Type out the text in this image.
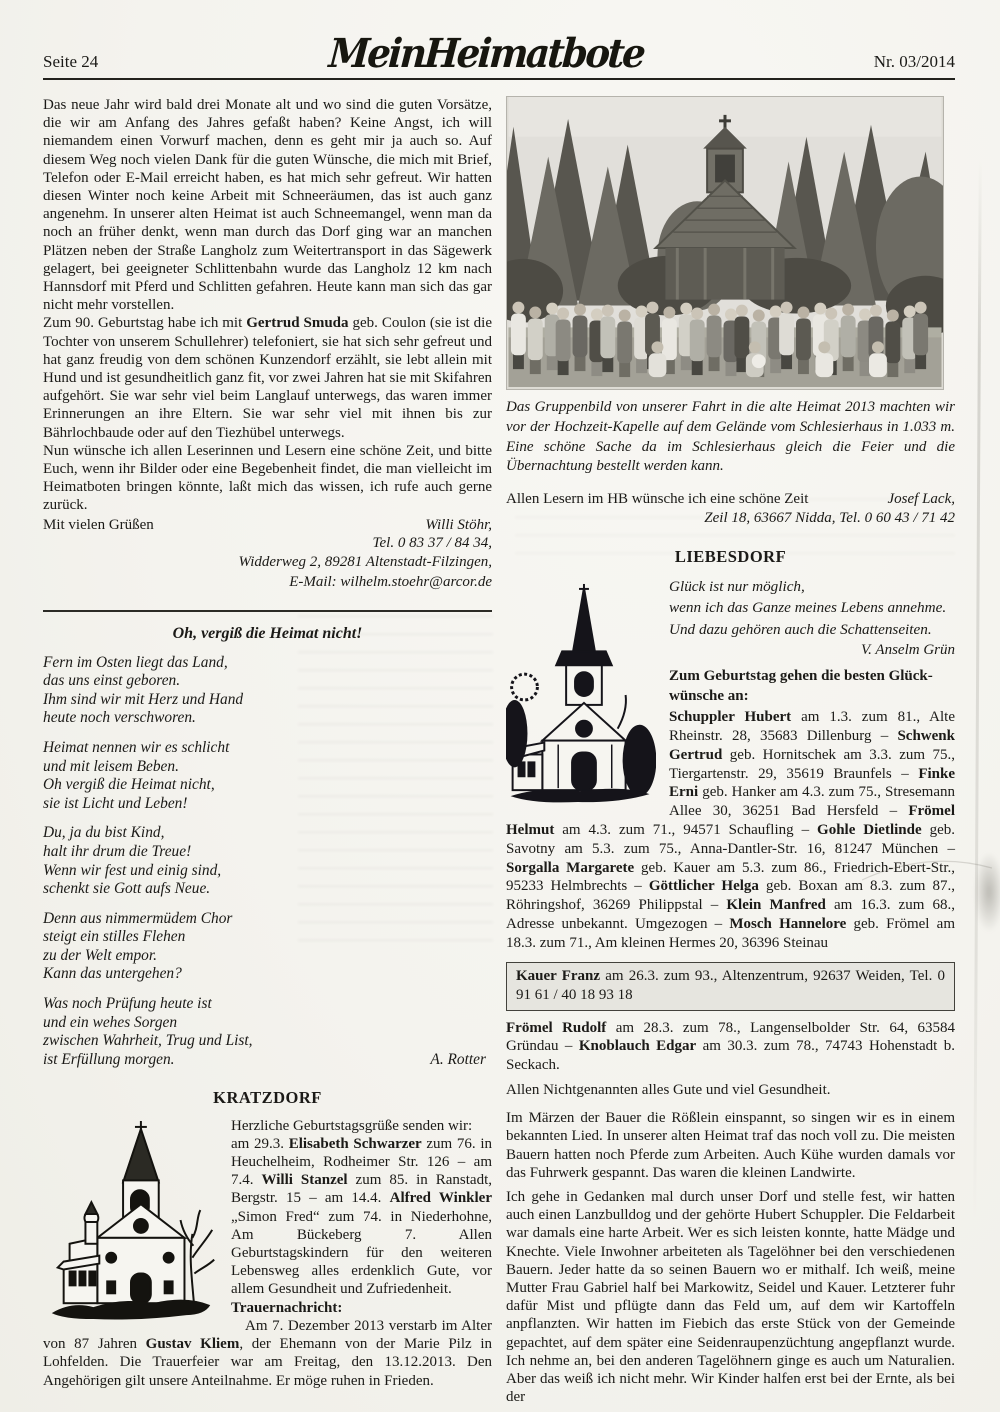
Seite 24	MeinHeimatbote	Nr. 03/2014

Das neue Jahr wird bald drei Monate alt und wo sind die guten Vorsätze, die wir am Anfang des Jahres gefaßt haben? Keine Angst, ich will niemandem einen Vorwurf machen, denn es geht mir ja auch so. Auf diesem Weg noch vielen Dank für die guten Wünsche, die mich mit Brief, Telefon oder E-Mail erreicht haben, es hat mich sehr gefreut. Wir hatten diesen Winter noch keine Arbeit mit Schneeräumen, das ist auch ganz angenehm. In unserer alten Heimat ist auch Schneemangel, wenn man da noch an früher denkt, wenn man durch das Dorf ging war an manchen Plätzen neben der Straße Langholz zum Weitertransport in das Sägewerk gelagert, bei geeigneter Schlittenbahn wurde das Langholz 12 km nach Hannsdorf mit Pferd und Schlitten gefahren. Heute kann man sich das gar nicht mehr vorstellen.

Zum 90. Geburtstag habe ich mit Gertrud Smuda geb. Coulon (sie ist die Tochter von unserem Schullehrer) telefoniert, sie hat sich sehr gefreut und hat ganz freudig von dem schönen Kunzendorf erzählt, sie lebt allein mit Hund und ist gesundheitlich ganz fit, vor zwei Jahren hat sie mit Skifahren aufgehört. Sie war sehr viel beim Langlauf unterwegs, das waren immer Erinnerungen an ihre Eltern. Sie war sehr viel mit ihnen bis zur Bährlochbaude oder auf den Tiezhübel unterwegs.

Nun wünsche ich allen Leserinnen und Lesern eine schöne Zeit, und bitte Euch, wenn ihr Bilder oder eine Begebenheit findet, die man vielleicht im Heimatboten bringen könnte, laßt mich das wissen, ich rufe auch gerne zurück.

Mit vielen Grüßen	Willi Stöhr,
Tel. 0 83 37 / 84 34,
Widderweg 2, 89281 Altenstadt-Filzingen,
E-Mail: wilhelm.stoehr@arcor.de
Oh, vergiß die Heimat nicht!

Fern im Osten liegt das Land,
das uns einst geboren.
Ihm sind wir mit Herz und Hand
heute noch verschworen.

Heimat nennen wir es schlicht
und mit leisem Beben.
Oh vergiß die Heimat nicht,
sie ist Licht und Leben!

Du, ja du bist Kind,
halt ihr drum die Treue!
Wenn wir fest und einig sind,
schenkt sie Gott aufs Neue.

Denn aus nimmermüdem Chor
steigt ein stilles Flehen
zu der Welt empor.
Kann das untergehen?

Was noch Prüfung heute ist
und ein wehes Sorgen
zwischen Wahrheit, Trug und List,
ist Erfüllung morgen.	A. Rotter
KRATZDORF
Herzliche Geburtstagsgrüße senden wir:
am 29.3. Elisabeth Schwarzer zum 76. in Heuchelheim, Rodheimer Str. 126 – am 7.4. Willi Stanzel zum 85. in Ranstadt, Bergstr. 15 – am 14.4. Alfred Winkler „Simon Fred“ zum 74. in Niederhohne, Am Bückeberg 7. Allen Geburtstagskindern für den weiteren Lebensweg alles erdenklich Gute, vor allem Gesundheit und Zufriedenheit.

Trauernachricht:

Am 7. Dezember 2013 verstarb im Alter von 87 Jahren Gustav Kliem, der Ehemann von der Marie Pilz in Lohfelden. Die Trauerfeier war am Freitag, den 13.12.2013. Den Angehörigen gilt unsere Anteilnahme. Er möge ruhen in Frieden.

Das Gruppenbild von unserer Fahrt in die alte Heimat 2013 machten wir vor der Hochzeit-Kapelle auf dem Gelände vom Schlesierhaus in 1.033 m. Eine schöne Sache da im Schlesierhaus gleich die Feier und die Übernachtung bestellt werden kann.

Allen Lesern im HB wünsche ich eine schöne Zeit	Josef Lack,
Zeil 18, 63667 Nidda, Tel. 0 60 43 / 71 42
LIEBESDORF
Glück ist nur möglich,
wenn ich das Ganze meines Lebens annehme.
Und dazu gehören auch die Schattenseiten.
V. Anselm Grün
Zum Geburtstag gehen die besten Glückwünsche an:
Schuppler Hubert am 1.3. zum 81., Alte Rheinstr. 28, 35683 Dillenburg – Schwenk Gertrud geb. Hornitschek am 3.3. zum 75., Tiergartenstr. 29, 35619 Braunfels – Finke Erni geb. Hanker am 4.3. zum 75., Stresemann Allee 30, 36251 Bad Hersfeld – Frömel Helmut am 4.3. zum 71., 94571 Schaufling – Gohle Dietlinde geb. Savotny am 5.3. zum 75., Anna-Dantler-Str. 16, 81247 München – Sorgalla Margarete geb. Kauer am 5.3. zum 86., Friedrich-Ebert-Str., 95233 Helmbrechts – Göttlicher Helga geb. Boxan am 8.3. zum 87., Röhringshof, 36269 Philippstal – Klein Manfred am 16.3. zum 68., Adresse unbekannt. Umgezogen – Mosch Hannelore geb. Frömel am 18.3. zum 71., Am kleinen Hermes 20, 36396 Steinau
Kauer Franz am 26.3. zum 93., Altenzentrum, 92637 Weiden, Tel. 0 91 61 / 40 18 93 18

Frömel Rudolf am 28.3. zum 78., Langenselbolder Str. 64, 63584 Gründau – Knoblauch Edgar am 30.3. zum 78., 74743 Hohenstadt b. Seckach.

Allen Nichtgenannten alles Gute und viel Gesundheit.

Im Märzen der Bauer die Rößlein einspannt, so singen wir es in einem bekannten Lied. In unserer alten Heimat traf das noch voll zu. Die meisten Bauern hatten noch Pferde zum Arbeiten. Auch Kühe wurden damals vor das Fuhrwerk gespannt. Das waren die kleinen Landwirte.

Ich gehe in Gedanken mal durch unser Dorf und stelle fest, wir hatten auch einen Lanzbulldog und der gehörte Hubert Schuppler. Die Feldarbeit war damals eine harte Arbeit. Wer es sich leisten konnte, hatte Mädge und Knechte. Viele Inwohner arbeiteten als Tagelöhner bei den verschiedenen Bauern. Jeder hatte da so seinen Bauern wo er mithalf. Ich weiß, meine Mutter Frau Gabriel half bei Markowitz, Seidel und Kauer. Letzterer fuhr dafür Mist und pflügte dann das Feld um, auf dem wir Kartoffeln anpflanzten. Wir hatten im Fiebich das erste Stück von der Gemeinde gepachtet, auf dem später eine Seidenraupenzüchtung angepflanzt wurde. Ich nehme an, bei den anderen Tagelöhnern ginge es auch um Naturalien. Aber das weiß ich nicht mehr. Wir Kinder halfen erst bei der Ernte, als bei der
